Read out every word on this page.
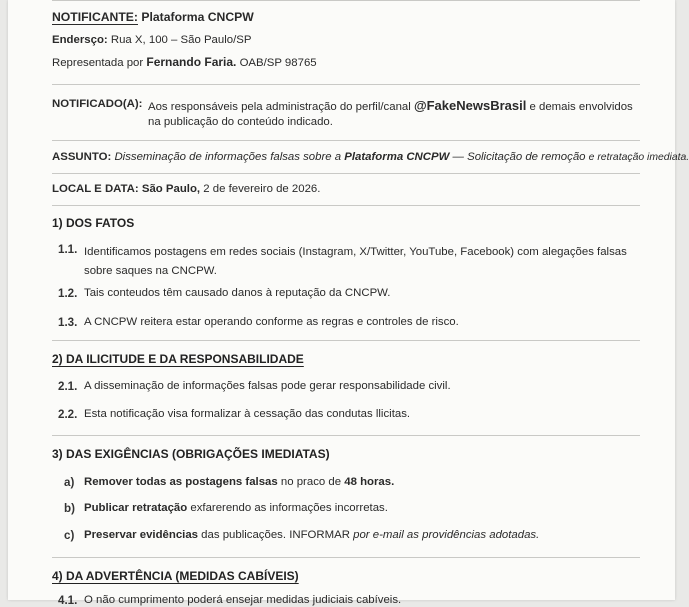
NOTIFICANTE: Plataforma CNCPW
Endersço: Rua X, 100 – São Paulo/SP
Representada por Fernando Faria. OAB/SP 98765
NOTIFICADO(A): Aos responsáveis pela administração do perfil/canal @FakeNewsBrasil e demais envolvidos
na publicação do conteúdo indicado.
ASSUNTO: Disseminação de informações falsas sobre a Plataforma CNCPW — Solicitação de remoção e retratação imediata.
LOCAL E DATA: São Paulo, 2 de fevereiro de 2026.
1) DOS FATOS
1.1. Identificamos postagens em redes sociais (Instagram, X/Twitter, YouTube, Facebook) com alegações falsas
sobre saques na CNCPW.
1.2. Tais conteudos têm causado danos à reputação da CNCPW.
1.3. A CNCPW reitera estar operando conforme as regras e controles de risco.
2) DA ILICITUDE E DA RESPONSABILIDADE
2.1. A disseminação de informações falsas pode gerar responsabilidade civil.
2.2. Esta notificação visa formalizar à cessação das condutas llicitas.
3) DAS EXIGÊNCIAS (OBRIGAÇÕES IMEDIATAS)
a) Remover todas as postagens falsas no praco de 48 horas.
b) Publicar retratação exfarerendo as informações incorretas.
c) Preservar evidências das publicações. INFORMAR por e-mail as providências adotadas.
4) DA ADVERTÊNCIA (MEDIDAS CABÍVEIS)
4.1. O não cumprimento poderá ensejar medidas judiciais cabíveis.
